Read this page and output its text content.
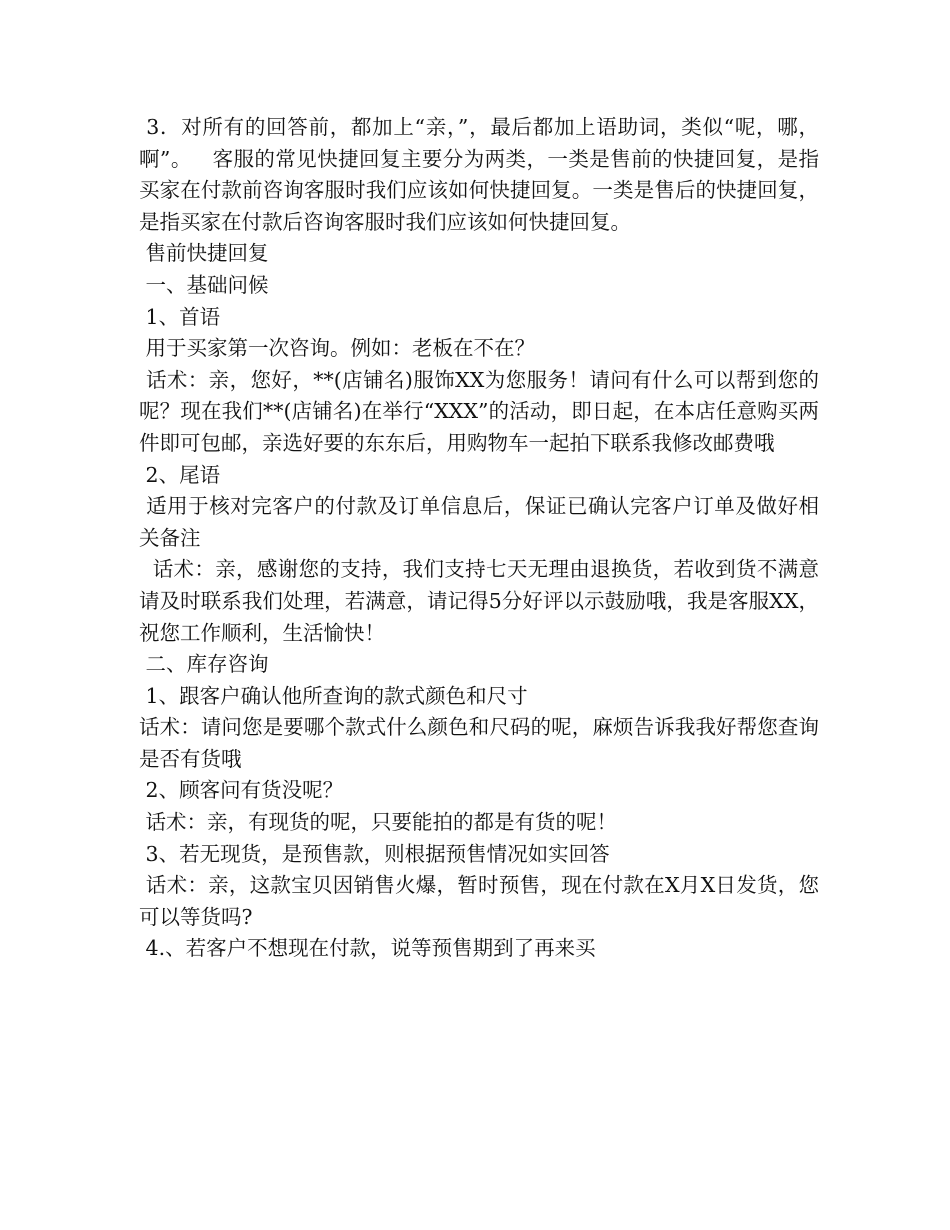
3．对所有的回答前，都加上“亲，”，最后都加上语助词，类似“呢，哪，啊”。   客服的常见快捷回复主要分为两类，一类是售前的快捷回复，是指买家在付款前咨询客服时我们应该如何快捷回复。一类是售后的快捷回复，是指买家在付款后咨询客服时我们应该如何快捷回复。

售前快捷回复

一、基础问候

1、首语

用于买家第一次咨询。例如：老板在不在？

话术：亲，您好，**(店铺名)服饰XX为您服务！请问有什么可以帮到您的呢？现在我们**(店铺名)在举行“XXX”的活动，即日起，在本店任意购买两件即可包邮，亲选好要的东东后，用购物车一起拍下联系我修改邮费哦

2、尾语

适用于核对完客户的付款及订单信息后，保证已确认完客户订单及做好相关备注

话术：亲，感谢您的支持，我们支持七天无理由退换货，若收到货不满意请及时联系我们处理，若满意，请记得5分好评以示鼓励哦，我是客服XX，祝您工作顺利，生活愉快！

二、库存咨询

1、跟客户确认他所查询的款式颜色和尺寸

话术：请问您是要哪个款式什么颜色和尺码的呢，麻烦告诉我我好帮您查询是否有货哦

2、顾客问有货没呢？

话术：亲，有现货的呢，只要能拍的都是有货的呢！

3、若无现货，是预售款，则根据预售情况如实回答

话术：亲，这款宝贝因销售火爆，暂时预售，现在付款在X月X日发货，您可以等货吗?

4.、若客户不想现在付款，说等预售期到了再来买
